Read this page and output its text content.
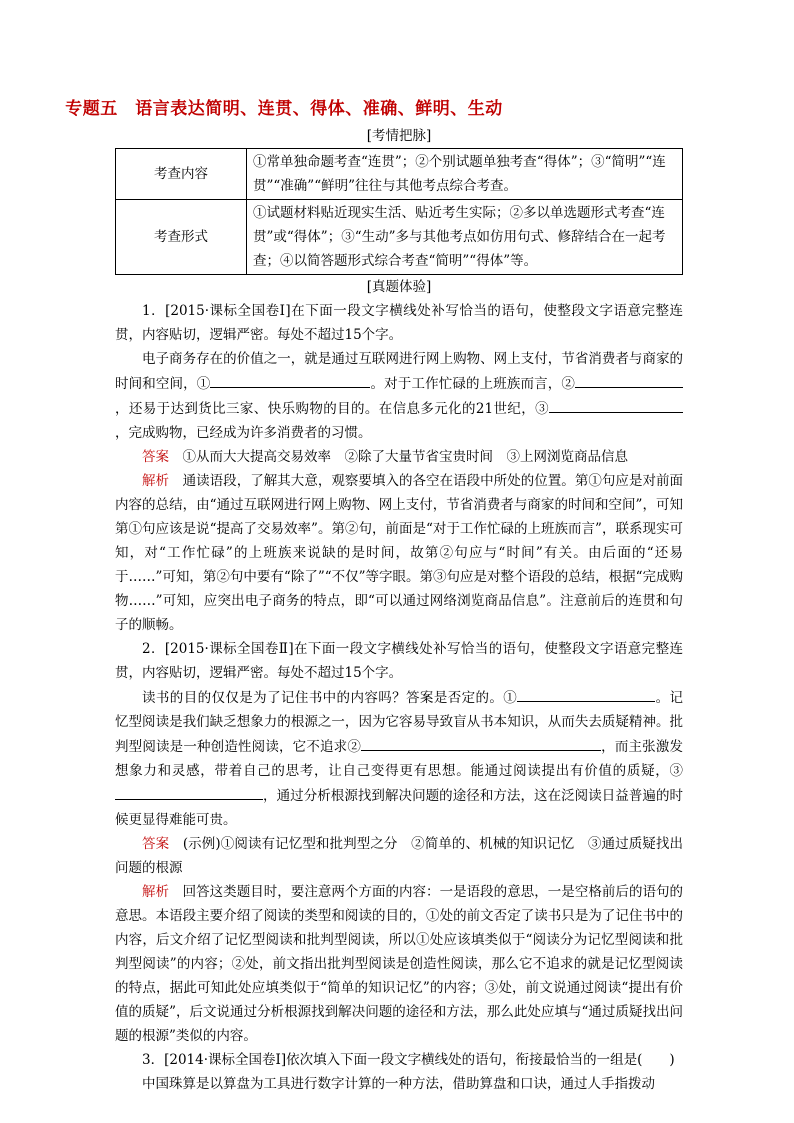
专题五　语言表达简明、连贯、得体、准确、鲜明、生动
[考情把脉]
考查内容	①常单独命题考查“连贯”；②个别试题单独考查“得体”；③“简明”“连贯”“准确”“鲜明”往往与其他考点综合考查。
考查形式	①试题材料贴近现实生活、贴近考生实际；②多以单选题形式考查“连贯”或“得体”；③“生动”多与其他考点如仿用句式、修辞结合在一起考查；④以简答题形式综合考查“简明”“得体”等。
[真题体验]

1．[2015·课标全国卷Ⅰ]在下面一段文字横线处补写恰当的语句，使整段文字语意完整连贯，内容贴切，逻辑严密。每处不超过15个字。

电子商务存在的价值之一，就是通过互联网进行网上购物、网上支付，节省消费者与商家的时间和空间，①	。对于工作忙碌的上班族而言，②，还易于达到货比三家、快乐购物的目的。在信息多元化的21世纪，③，完成购物，已经成为许多消费者的习惯。

答案　 ①从而大大提高交易效率　②除了大量节省宝贵时间　③上网浏览商品信息

解析　 通读语段，了解其大意，观察要填入的各空在语段中所处的位置。第①句应是对前面内容的总结，由“通过互联网进行网上购物、网上支付，节省消费者与商家的时间和空间”，可知第①句应该是说“提高了交易效率”。第②句，前面是“对于工作忙碌的上班族而言”，联系现实可知，对“工作忙碌”的上班族来说缺的是时间，故第②句应与“时间”有关。由后面的“还易于……”可知，第②句中要有“除了”“不仅”等字眼。第③句应是对整个语段的总结，根据“完成购物……”可知，应突出电子商务的特点，即“可以通过网络浏览商品信息”。注意前后的连贯和句子的顺畅。

2．[2015·课标全国卷Ⅱ]在下面一段文字横线处补写恰当的语句，使整段文字语意完整连贯，内容贴切，逻辑严密。每处不超过15个字。

读书的目的仅仅是为了记住书中的内容吗？答案是否定的。①	。记忆型阅读是我们缺乏想象力的根源之一，因为它容易导致盲从书本知识，从而失去质疑精神。批判型阅读是一种创造性阅读，它不追求②	，而主张激发想象力和灵感，带着自己的思考，让自己变得更有思想。能通过阅读提出有价值的质疑，③，通过分析根源找到解决问题的途径和方法，这在泛阅读日益普遍的时候更显得难能可贵。

答案　 (示例)①阅读有记忆型和批判型之分　②简单的、机械的知识记忆　③通过质疑找出问题的根源

解析　 回答这类题目时，要注意两个方面的内容：一是语段的意思，一是空格前后的语句的意思。本语段主要介绍了阅读的类型和阅读的目的，①处的前文否定了读书只是为了记住书中的内容，后文介绍了记忆型阅读和批判型阅读，所以①处应该填类似于“阅读分为记忆型阅读和批判型阅读”的内容；②处，前文指出批判型阅读是创造性阅读，那么它不追求的就是记忆型阅读的特点，据此可知此处应填类似于“简单的知识记忆”的内容；③处，前文说通过阅读“提出有价值的质疑”，后文说通过分析根源找到解决问题的途径和方法，那么此处应填与“通过质疑找出问题的根源”类似的内容。

3．[2014·课标全国卷Ⅰ]依次填入下面一段文字横线处的语句，衔接最恰当的一组是(　　)

中国珠算是以算盘为工具进行数字计算的一种方法，借助算盘和口诀，通过人手指拨动
